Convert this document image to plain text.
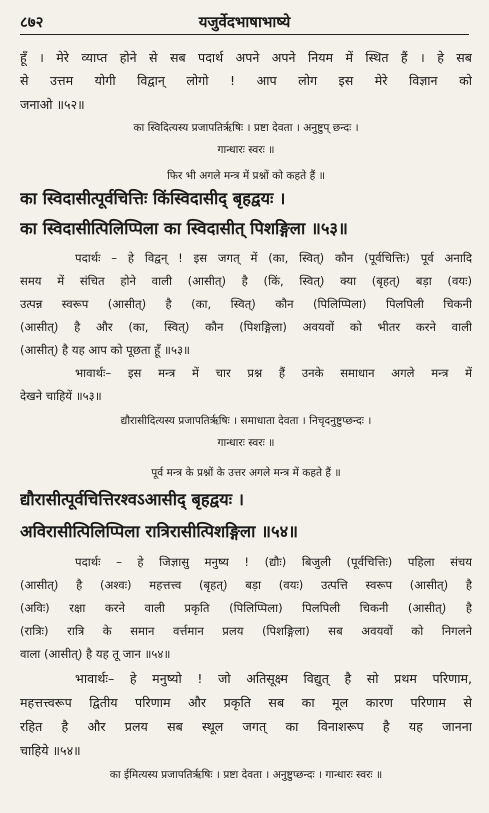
८७२	यजुर्वेदभाषाभाष्ये
हूँ । मेरे व्याप्त होने से सब पदार्थ अपने अपने नियम में स्थित हैं । हे सब
से उत्तम योगी विद्वान् लोगो ! आप लोग इस मेरे विज्ञान को
जनाओ ॥५२॥
का स्विदित्यस्य प्रजापतिर्ऋषिः । प्रष्टा देवता । अनुष्टुप् छन्दः ।
गान्धारः स्वरः ॥
फिर भी अगले मन्त्र में प्रश्नों को कहते हैं ॥
का स्विदासीत्पूर्वचित्तिः किंस्विदासीद् बृहद्वयः ।
का स्विदासीत्पिलिप्पिला का स्विदासीत् पिशङ्गिला ॥५३॥
पदार्थः – हे विद्वन् ! इस जगत् में (का, स्वित्) कौन (पूर्वचित्तिः) पूर्व अनादि
समय में संचित होने वाली (आसीत्) है (किं, स्वित्) क्या (बृहत्) बड़ा (वयः)
उत्पन्न स्वरूप (आसीत्) है (का, स्वित्) कौन (पिलिप्पिला) पिलपिली चिकनी
(आसीत्) है और (का, स्वित्) कौन (पिशङ्गिला) अवयवों को भीतर करने वाली
(आसीत्) है यह आप को पूछता हूँ ॥५३॥
भावार्थः– इस मन्त्र में चार प्रश्न हैं उनके समाधान अगले मन्त्र में
देखने चाहियें ॥५३॥
द्यौरासीदित्यस्य प्रजापतिर्ऋषिः । समाधाता देवता । निचृदनुष्टुप्छन्दः ।
गान्धारः स्वरः ॥
पूर्व मन्त्र के प्रश्नों के उत्तर अगले मन्त्र में कहते हैं ॥
द्यौरासीत्पूर्वचित्तिरश्वऽआसीद् बृहद्वयः ।
अविरासीत्पिलिप्पिला रात्रिरासीत्पिशङ्गिला ॥५४॥
पदार्थः – हे जिज्ञासु मनुष्य ! (द्यौः) बिजुली (पूर्वचित्तिः) पहिला संचय
(आसीत्) है (अश्वः) महत्तत्त्व (बृहत्) बड़ा (वयः) उत्पत्ति स्वरूप (आसीत्) है
(अविः) रक्षा करने वाली प्रकृति (पिलिप्पिला) पिलपिली चिकनी (आसीत्) है
(रात्रिः) रात्रि के समान वर्त्तमान प्रलय (पिशङ्गिला) सब अवयवों को निगलने
वाला (आसीत्) है यह तू जान ॥५४॥
भावार्थः– हे मनुष्यो ! जो अतिसूक्ष्म विद्युत् है सो प्रथम परिणाम,
महत्तत्त्वरूप द्वितीय परिणाम और प्रकृति सब का मूल कारण परिणाम से
रहित है और प्रलय सब स्थूल जगत् का विनाशरूप है यह जानना
चाहिये ॥५४॥
का ईमित्यस्य प्रजापतिर्ऋषिः । प्रष्टा देवता । अनुष्टुप्छन्दः । गान्धारः स्वरः ॥
